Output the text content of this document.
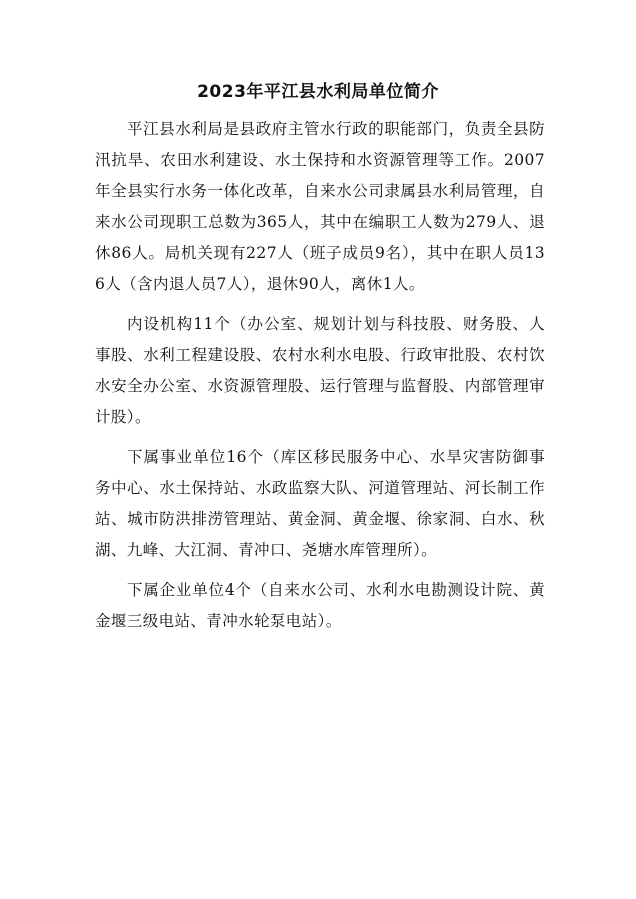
2023年平江县水利局单位简介

平江县水利局是县政府主管水行政的职能部门，负责全县防汛抗旱、农田水利建设、水土保持和水资源管理等工作。2007年全县实行水务一体化改革，自来水公司隶属县水利局管理，自来水公司现职工总数为365人，其中在编职工人数为279人、退休86人。局机关现有227人（班子成员9名），其中在职人员136人（含内退人员7人），退休90人，离休1人。

内设机构11个（办公室、规划计划与科技股、财务股、人事股、水利工程建设股、农村水利水电股、行政审批股、农村饮水安全办公室、水资源管理股、运行管理与监督股、内部管理审计股）。

下属事业单位16个（库区移民服务中心、水旱灾害防御事务中心、水土保持站、水政监察大队、河道管理站、河长制工作站、城市防洪排涝管理站、黄金洞、黄金堰、徐家洞、白水、秋湖、九峰、大江洞、青冲口、尧塘水库管理所）。

下属企业单位4个（自来水公司、水利水电勘测设计院、黄金堰三级电站、青冲水轮泵电站）。
